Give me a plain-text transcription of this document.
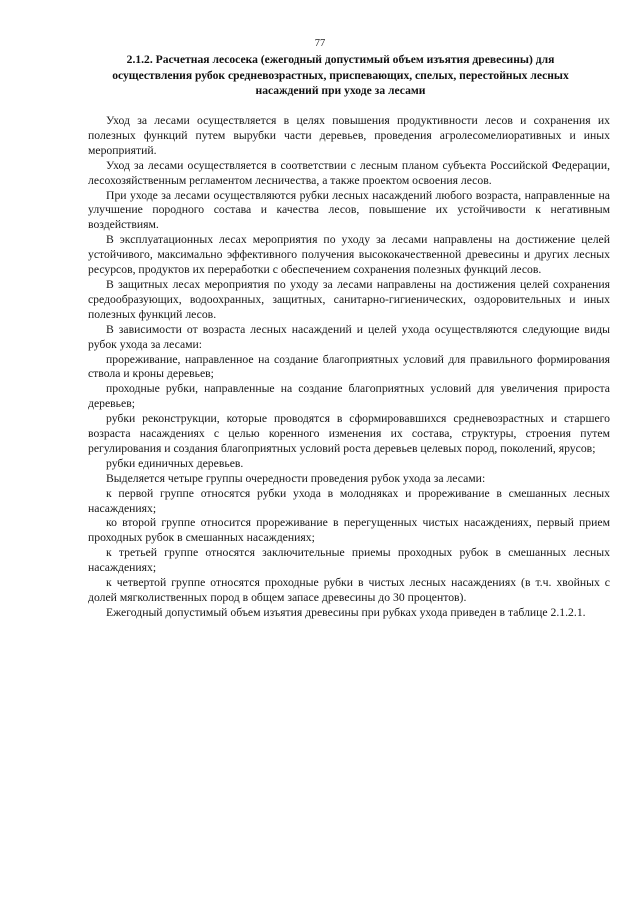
77
2.1.2. Расчетная лесосека (ежегодный допустимый объем изъятия древесины) для осуществления рубок средневозрастных, приспевающих, спелых, перестойных лесных насаждений при уходе за лесами

Уход за лесами осуществляется в целях повышения продуктивности лесов и сохранения их полезных функций путем вырубки части деревьев, проведения агролесомелиоративных и иных мероприятий.

Уход за лесами осуществляется в соответствии с лесным планом субъекта Российской Федерации, лесохозяйственным регламентом лесничества, а также проектом освоения лесов.

При уходе за лесами осуществляются рубки лесных насаждений любого возраста, направленные на улучшение породного состава и качества лесов, повышение их устойчивости к негативным воздействиям.

В эксплуатационных лесах мероприятия по уходу за лесами направлены на достижение целей устойчивого, максимально эффективного получения высококачественной древесины и других лесных ресурсов, продуктов их переработки с обеспечением сохранения полезных функций лесов.

В защитных лесах мероприятия по уходу за лесами направлены на достижения целей сохранения средообразующих, водоохранных, защитных, санитарно-гигиенических, оздоровительных и иных полезных функций лесов.

В зависимости от возраста лесных насаждений и целей ухода осуществляются следующие виды рубок ухода за лесами:

прореживание, направленное на создание благоприятных условий для правильного формирования ствола и кроны деревьев;

проходные рубки, направленные на создание благоприятных условий для увеличения прироста деревьев;

рубки реконструкции, которые проводятся в сформировавшихся средневозрастных и старшего возраста насаждениях с целью коренного изменения их состава, структуры, строения путем регулирования и создания благоприятных условий роста деревьев целевых пород, поколений, ярусов;

рубки единичных деревьев.

Выделяется четыре группы очередности проведения рубок ухода за лесами:

к первой группе относятся рубки ухода в молодняках и прореживание в смешанных лесных насаждениях;

ко второй группе относится прореживание в перегущенных чистых насаждениях, первый прием проходных рубок в смешанных насаждениях;

к третьей группе относятся заключительные приемы проходных рубок в смешанных лесных насаждениях;

к четвертой группе относятся проходные рубки в чистых лесных насаждениях (в т.ч. хвойных с долей мягколиственных пород в общем запасе древесины до 30 процентов).

Ежегодный допустимый объем изъятия древесины при рубках ухода приведен в таблице 2.1.2.1.
